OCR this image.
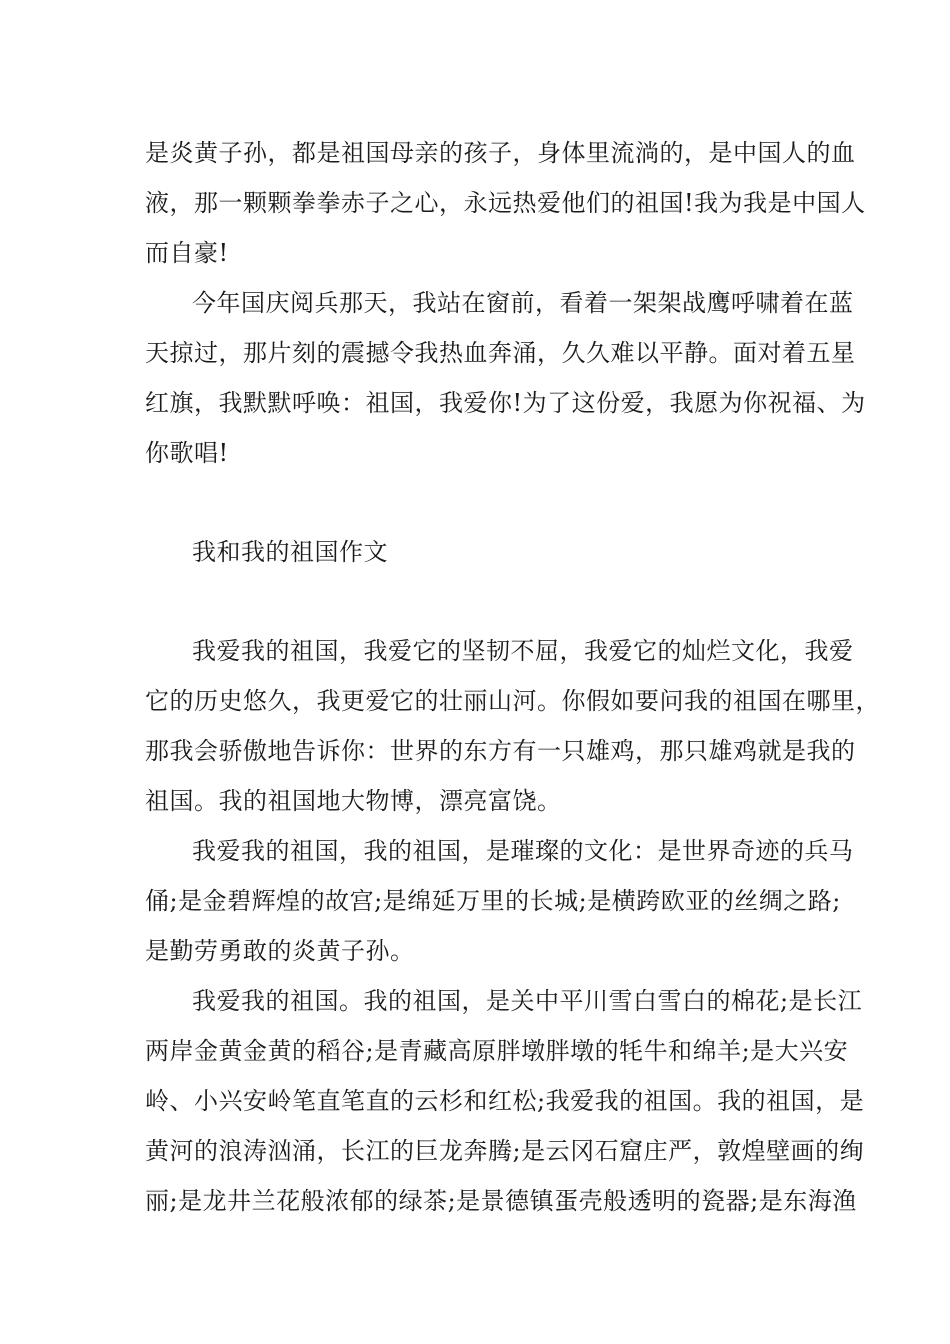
是炎黄子孙，都是祖国母亲的孩子，身体里流淌的，是中国人的血
液，那一颗颗拳拳赤子之心，永远热爱他们的祖国!我为我是中国人
而自豪!
今年国庆阅兵那天，我站在窗前，看着一架架战鹰呼啸着在蓝
天掠过，那片刻的震撼令我热血奔涌，久久难以平静。面对着五星
红旗，我默默呼唤：祖国，我爱你!为了这份爱，我愿为你祝福、为
你歌唱!
我和我的祖国作文
我爱我的祖国，我爱它的坚韧不屈，我爱它的灿烂文化，我爱
它的历史悠久，我更爱它的壮丽山河。你假如要问我的祖国在哪里，
那我会骄傲地告诉你：世界的东方有一只雄鸡，那只雄鸡就是我的
祖国。我的祖国地大物博，漂亮富饶。
我爱我的祖国，我的祖国，是璀璨的文化：是世界奇迹的兵马
俑;是金碧辉煌的故宫;是绵延万里的长城;是横跨欧亚的丝绸之路;
是勤劳勇敢的炎黄子孙。
我爱我的祖国。我的祖国，是关中平川雪白雪白的棉花;是长江
两岸金黄金黄的稻谷;是青藏高原胖墩胖墩的牦牛和绵羊;是大兴安
岭、小兴安岭笔直笔直的云杉和红松;我爱我的祖国。我的祖国，是
黄河的浪涛汹涌，长江的巨龙奔腾;是云冈石窟庄严，敦煌壁画的绚
丽;是龙井兰花般浓郁的绿茶;是景德镇蛋壳般透明的瓷器;是东海渔
